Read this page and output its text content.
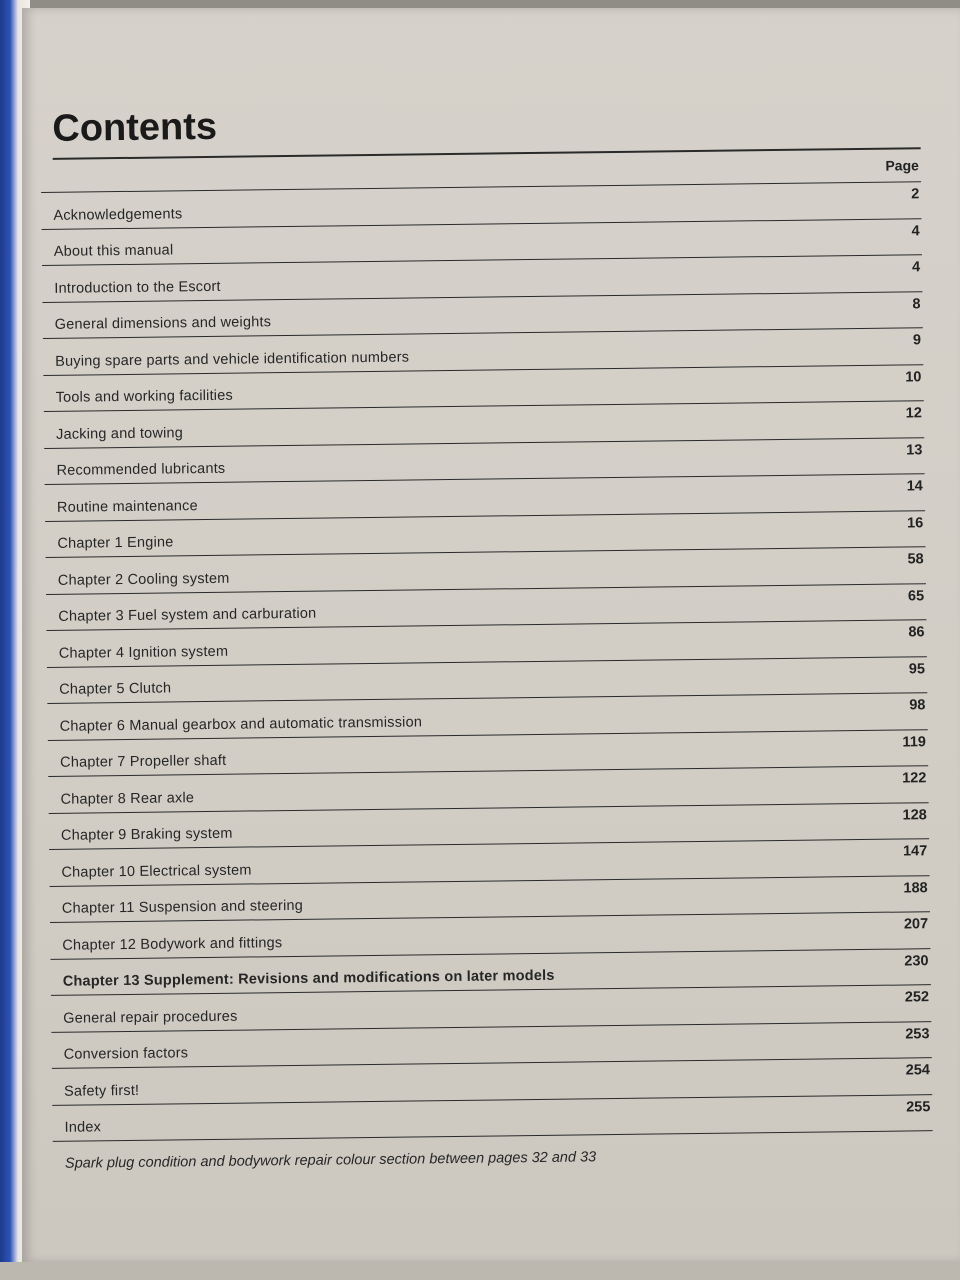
Contents
Page
Acknowledgements
2
About this manual
4
Introduction to the Escort
4
General dimensions and weights
8
Buying spare parts and vehicle identification numbers
9
Tools and working facilities
10
Jacking and towing
12
Recommended lubricants
13
Routine maintenance
14
Chapter 1 Engine
16
Chapter 2 Cooling system
58
Chapter 3 Fuel system and carburation
65
Chapter 4 Ignition system
86
Chapter 5 Clutch
95
Chapter 6 Manual gearbox and automatic transmission
98
Chapter 7 Propeller shaft
119
Chapter 8 Rear axle
122
Chapter 9 Braking system
128
Chapter 10 Electrical system
147
Chapter 11 Suspension and steering
188
Chapter 12 Bodywork and fittings
207
Chapter 13 Supplement: Revisions and modifications on later models
230
General repair procedures
252
Conversion factors
253
Safety first!
254
Index
255

Spark plug condition and bodywork repair colour section between pages 32 and 33
